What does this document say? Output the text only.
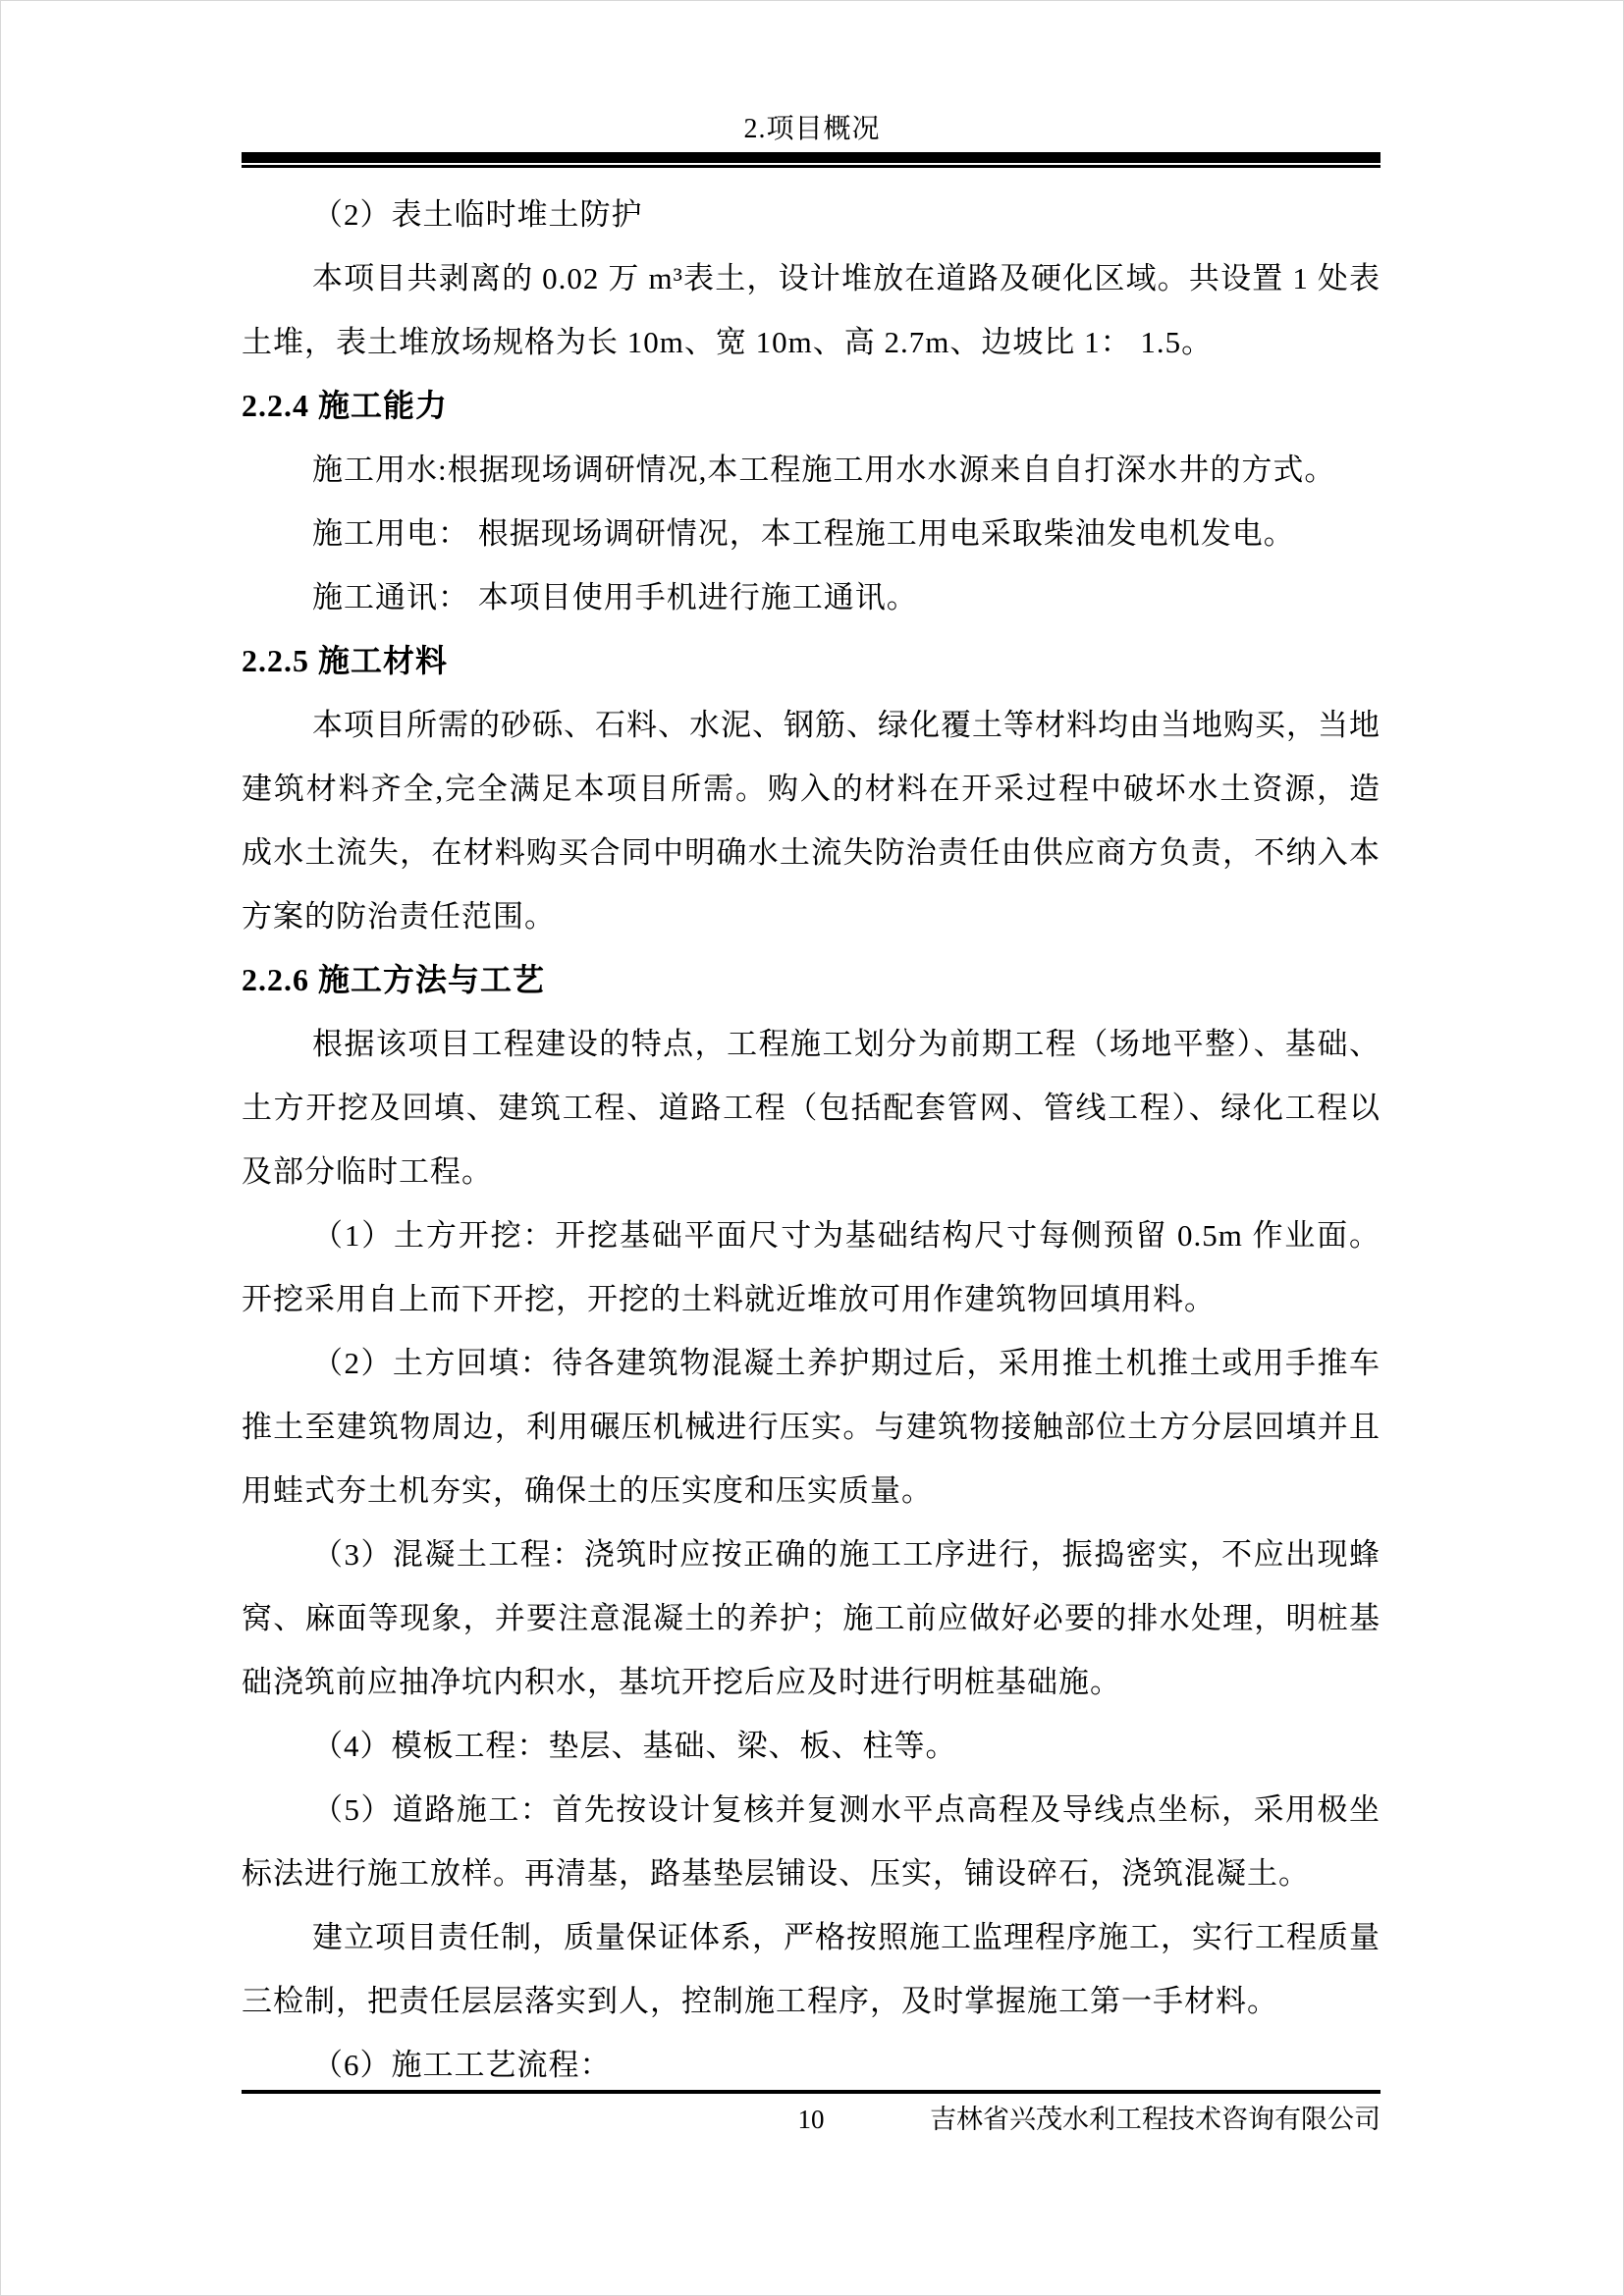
2.项目概况

（2）表土临时堆土防护

本项目共剥离的 0.02 万 m³表土，设计堆放在道路及硬化区域。共设置 1 处表土堆，表土堆放场规格为长 10m、宽 10m、高 2.7m、边坡比 1： 1.5。

2.2.4 施工能力

施工用水:根据现场调研情况,本工程施工用水水源来自自打深水井的方式。

施工用电： 根据现场调研情况，本工程施工用电采取柴油发电机发电。

施工通讯： 本项目使用手机进行施工通讯。

2.2.5 施工材料

本项目所需的砂砾、石料、水泥、钢筋、绿化覆土等材料均由当地购买，当地建筑材料齐全,完全满足本项目所需。购入的材料在开采过程中破坏水土资源，造成水土流失，在材料购买合同中明确水土流失防治责任由供应商方负责，不纳入本方案的防治责任范围。

2.2.6 施工方法与工艺

根据该项目工程建设的特点，工程施工划分为前期工程（场地平整）、基础、土方开挖及回填、建筑工程、道路工程（包括配套管网、管线工程）、绿化工程以及部分临时工程。

（1）土方开挖：开挖基础平面尺寸为基础结构尺寸每侧预留 0.5m 作业面。开挖采用自上而下开挖，开挖的土料就近堆放可用作建筑物回填用料。

（2）土方回填：待各建筑物混凝土养护期过后，采用推土机推土或用手推车推土至建筑物周边，利用碾压机械进行压实。与建筑物接触部位土方分层回填并且用蛙式夯土机夯实，确保土的压实度和压实质量。

（3）混凝土工程：浇筑时应按正确的施工工序进行，振捣密实，不应出现蜂窝、麻面等现象，并要注意混凝土的养护；施工前应做好必要的排水处理，明桩基础浇筑前应抽净坑内积水，基坑开挖后应及时进行明桩基础施。

（4）模板工程：垫层、基础、梁、板、柱等。

（5）道路施工：首先按设计复核并复测水平点高程及导线点坐标，采用极坐标法进行施工放样。再清基，路基垫层铺设、压实，铺设碎石，浇筑混凝土。

建立项目责任制，质量保证体系，严格按照施工监理程序施工，实行工程质量三检制，把责任层层落实到人，控制施工程序，及时掌握施工第一手材料。

（6）施工工艺流程：

10	吉林省兴茂水利工程技术咨询有限公司
